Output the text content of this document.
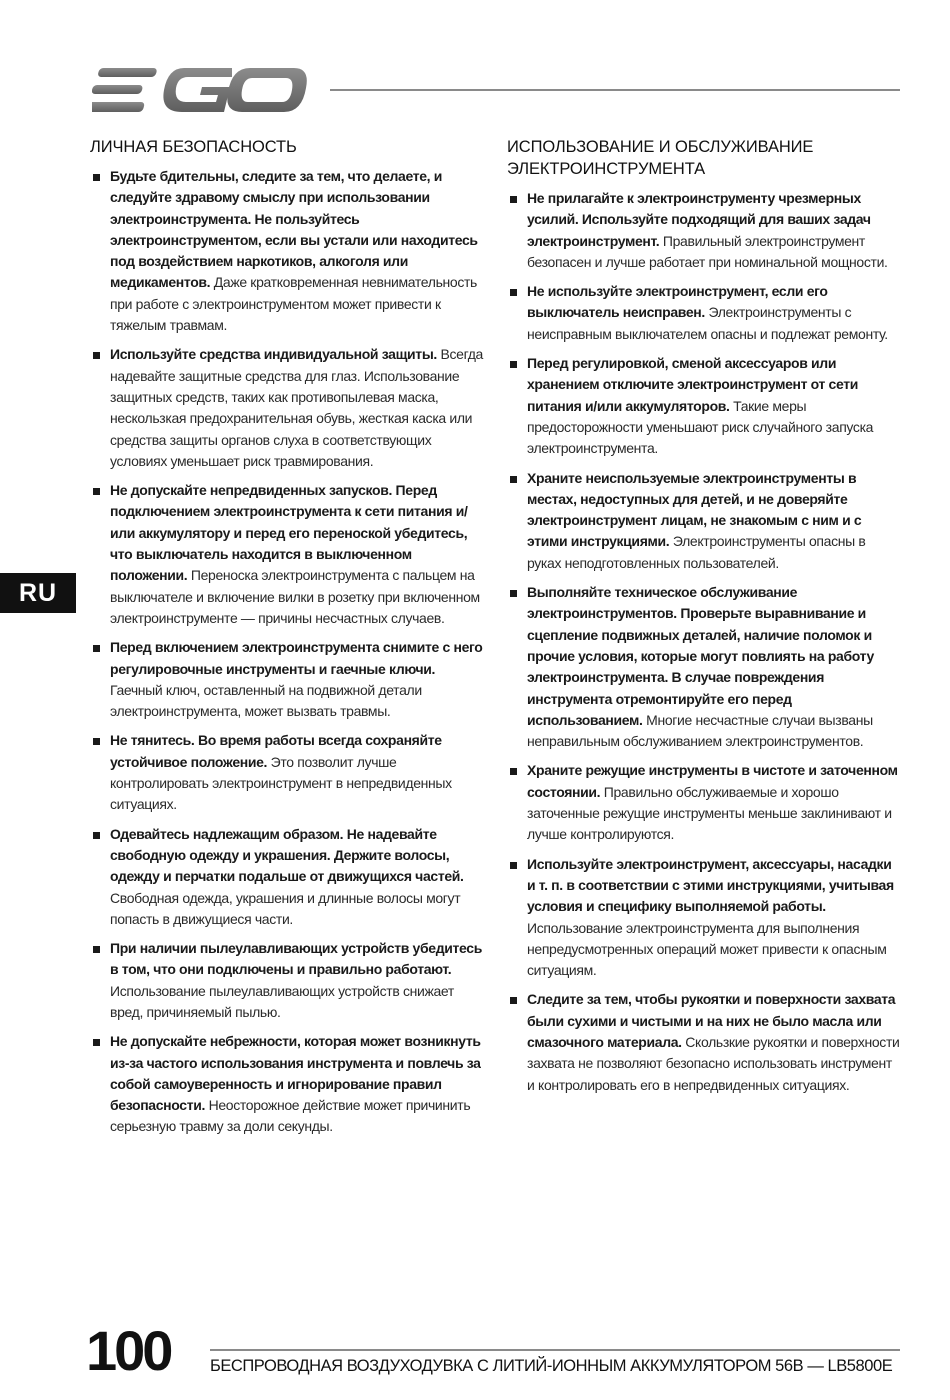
RU
ЛИЧНАЯ БЕЗОПАСНОСТЬ
Будьте бдительны, следите за тем, что делаете, и следуйте здравому смыслу при использовании электроинструмента. Не пользуйтесь электроинструментом, если вы устали или находитесь под воздействием наркотиков, алкоголя или медикаментов. Даже кратковременная невнимательность при работе с электроинструментом может привести к тяжелым травмам.
Используйте средства индивидуальной защиты. Всегда надевайте защитные средства для глаз. Использование защитных средств, таких как противопылевая маска, нескользкая предохранительная обувь, жесткая каска или средства защиты органов слуха в соответствующих условиях уменьшает риск травмирования.
Не допускайте непредвиденных запусков. Перед подключением электроинструмента к сети питания и/или аккумулятору и перед его переноской убедитесь, что выключатель находится в выключенном положении. Переноска электроинструмента с пальцем на выключателе и включение вилки в розетку при включенном электроинструменте — причины несчастных случаев.
Перед включением электроинструмента снимите с него регулировочные инструменты и гаечные ключи. Гаечный ключ, оставленный на подвижной детали электроинструмента, может вызвать травмы.
Не тянитесь. Во время работы всегда сохраняйте устойчивое положение. Это позволит лучше контролировать электроинструмент в непредвиденных ситуациях.
Одевайтесь надлежащим образом. Не надевайте свободную одежду и украшения. Держите волосы, одежду и перчатки подальше от движущихся частей. Свободная одежда, украшения и длинные волосы могут попасть в движущиеся части.
При наличии пылеулавливающих устройств убедитесь в том, что они подключены и правильно работают. Использование пылеулавливающих устройств снижает вред, причиняемый пылью.
Не допускайте небрежности, которая может возникнуть из-за частого использования инструмента и повлечь за собой самоуверенность и игнорирование правил безопасности. Неосторожное действие может причинить серьезную травму за доли секунды.
ИСПОЛЬЗОВАНИЕ И ОБСЛУЖИВАНИЕ ЭЛЕКТРОИНСТРУМЕНТА
Не прилагайте к электроинструменту чрезмерных усилий. Используйте подходящий для ваших задач электроинструмент. Правильный электроинструмент безопасен и лучше работает при номинальной мощности.
Не используйте электроинструмент, если его выключатель неисправен. Электроинструменты с неисправным выключателем опасны и подлежат ремонту.
Перед регулировкой, сменой аксессуаров или хранением отключите электроинструмент от сети питания и/или аккумуляторов. Такие меры предосторожности уменьшают риск случайного запуска электроинструмента.
Храните неиспользуемые электроинструменты в местах, недоступных для детей, и не доверяйте электроинструмент лицам, не знакомым с ним и с этими инструкциями. Электроинструменты опасны в руках неподготовленных пользователей.
Выполняйте техническое обслуживание электроинструментов. Проверьте выравнивание и сцепление подвижных деталей, наличие поломок и прочие условия, которые могут повлиять на работу электроинструмента. В случае повреждения инструмента отремонтируйте его перед использованием. Многие несчастные случаи вызваны неправильным обслуживанием электроинструментов.
Храните режущие инструменты в чистоте и заточенном состоянии. Правильно обслуживаемые и хорошо заточенные режущие инструменты меньше заклинивают и лучше контролируются.
Используйте электроинструмент, аксессуары, насадки и т. п. в соответствии с этими инструкциями, учитывая условия и специфику выполняемой работы. Использование электроинструмента для выполнения непредусмотренных операций может привести к опасным ситуациям.
Следите за тем, чтобы рукоятки и поверхности захвата были сухими и чистыми и на них не было масла или смазочного материала. Скользкие рукоятки и поверхности захвата не позволяют безопасно использовать инструмент и контролировать его в непредвиденных ситуациях.
100 БЕСПРОВОДНАЯ ВОЗДУХОДУВКА С ЛИТИЙ-ИОННЫМ АККУМУЛЯТОРОМ 56В — LB5800E
